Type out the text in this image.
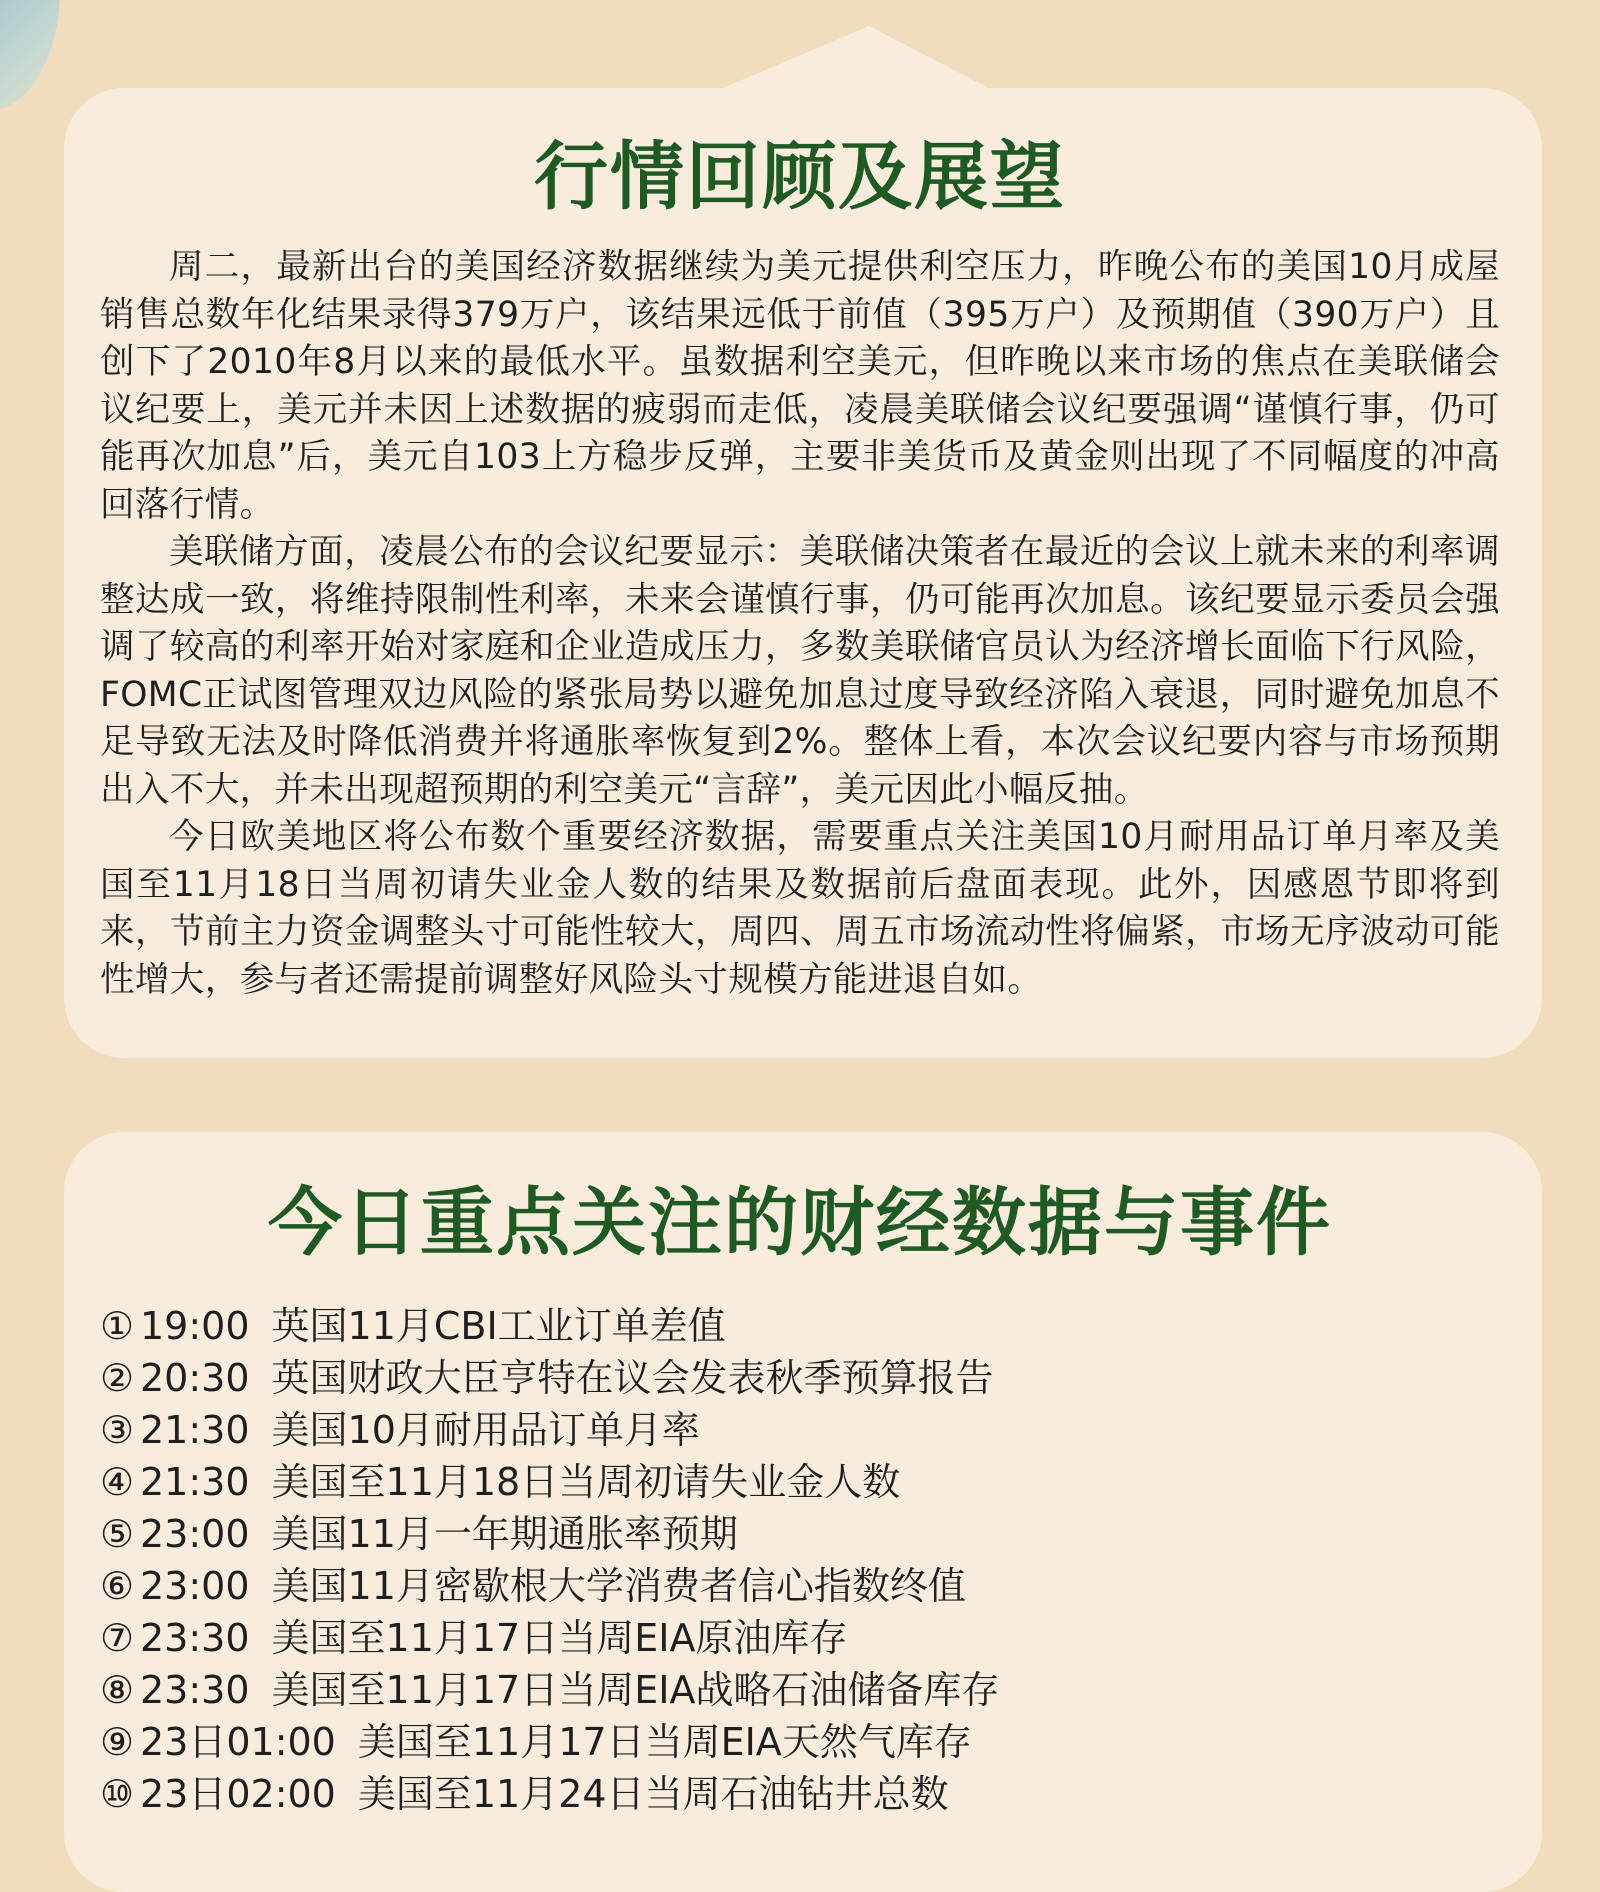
行情回顾及展望

周二，最新出台的美国经济数据继续为美元提供利空压力，昨晚公布的美国10月成屋销售总数年化结果录得379万户，该结果远低于前值（395万户）及预期值（390万户）且创下了2010年8月以来的最低水平。虽数据利空美元，但昨晚以来市场的焦点在美联储会议纪要上，美元并未因上述数据的疲弱而走低，凌晨美联储会议纪要强调“谨慎行事，仍可能再次加息”后，美元自103上方稳步反弹，主要非美货币及黄金则出现了不同幅度的冲高回落行情。

美联储方面，凌晨公布的会议纪要显示：美联储决策者在最近的会议上就未来的利率调整达成一致，将维持限制性利率，未来会谨慎行事，仍可能再次加息。该纪要显示委员会强调了较高的利率开始对家庭和企业造成压力，多数美联储官员认为经济增长面临下行风险，FOMC正试图管理双边风险的紧张局势以避免加息过度导致经济陷入衰退，同时避免加息不足导致无法及时降低消费并将通胀率恢复到2%。整体上看，本次会议纪要内容与市场预期出入不大，并未出现超预期的利空美元“言辞”，美元因此小幅反抽。

今日欧美地区将公布数个重要经济数据，需要重点关注美国10月耐用品订单月率及美国至11月18日当周初请失业金人数的结果及数据前后盘面表现。此外，因感恩节即将到来，节前主力资金调整头寸可能性较大，周四、周五市场流动性将偏紧，市场无序波动可能性增大，参与者还需提前调整好风险头寸规模方能进退自如。

今日重点关注的财经数据与事件
① 19:00 英国11月CBI工业订单差值
② 20:30 英国财政大臣亨特在议会发表秋季预算报告
③ 21:30 美国10月耐用品订单月率
④ 21:30 美国至11月18日当周初请失业金人数
⑤ 23:00 美国11月一年期通胀率预期
⑥ 23:00 美国11月密歇根大学消费者信心指数终值
⑦ 23:30 美国至11月17日当周EIA原油库存
⑧ 23:30 美国至11月17日当周EIA战略石油储备库存
⑨ 23日01:00 美国至11月17日当周EIA天然气库存
⑩ 23日02:00 美国至11月24日当周石油钻井总数
